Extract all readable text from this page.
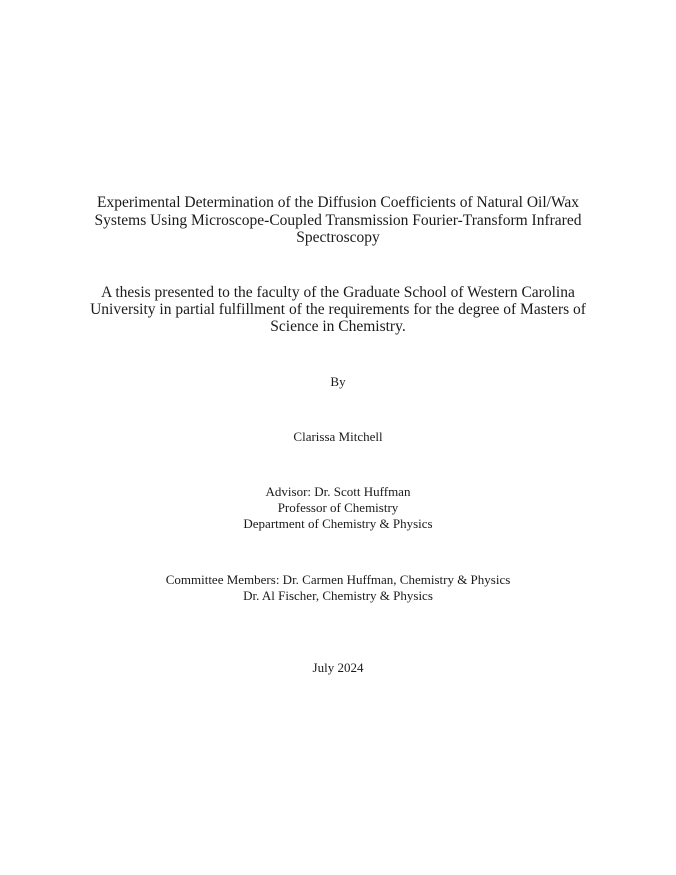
Experimental Determination of the Diffusion Coefficients of Natural Oil/Wax
Systems Using Microscope-Coupled Transmission Fourier-Transform Infrared
Spectroscopy
A thesis presented to the faculty of the Graduate School of Western Carolina
University in partial fulfillment of the requirements for the degree of Masters of
Science in Chemistry.
By
Clarissa Mitchell
Advisor: Dr. Scott Huffman
Professor of Chemistry
Department of Chemistry & Physics
Committee Members: Dr. Carmen Huffman, Chemistry & Physics
Dr. Al Fischer, Chemistry & Physics
July 2024
